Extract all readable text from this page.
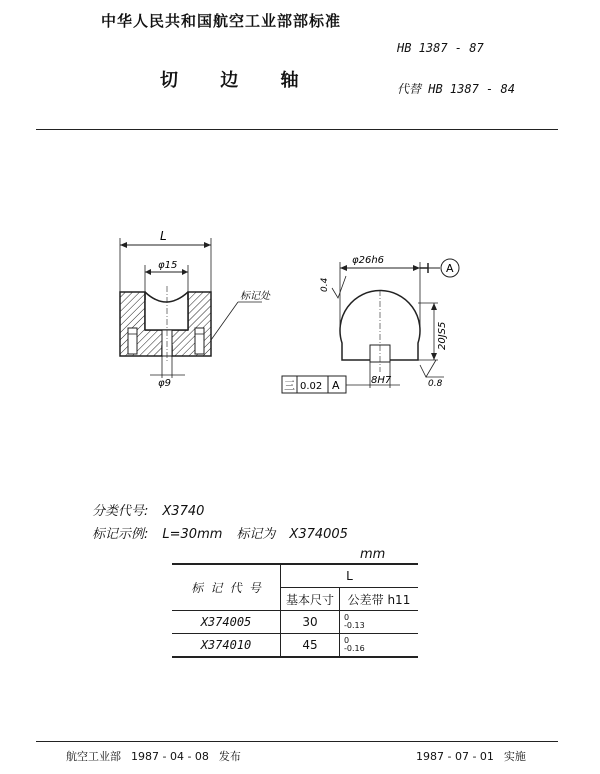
中华人民共和国航空工业部部标准
HB 1387 - 87
切 边 轴	代替 HB 1387 - 84
L
φ15
标记处
φ9
A
φ26h6
0.4
20JS5
0.8
8H7
三 0.02 A
分类代号: X3740
标记示例: L=30mm 标记为 X374005
mm
标 记 代 号	L	
	基本尺寸	公差带 h11
X374005	30	0
-0.13

X374010	45	0
-0.16
航空工业部 1987 - 04 - 08 发布	1987 - 07 - 01 实施
